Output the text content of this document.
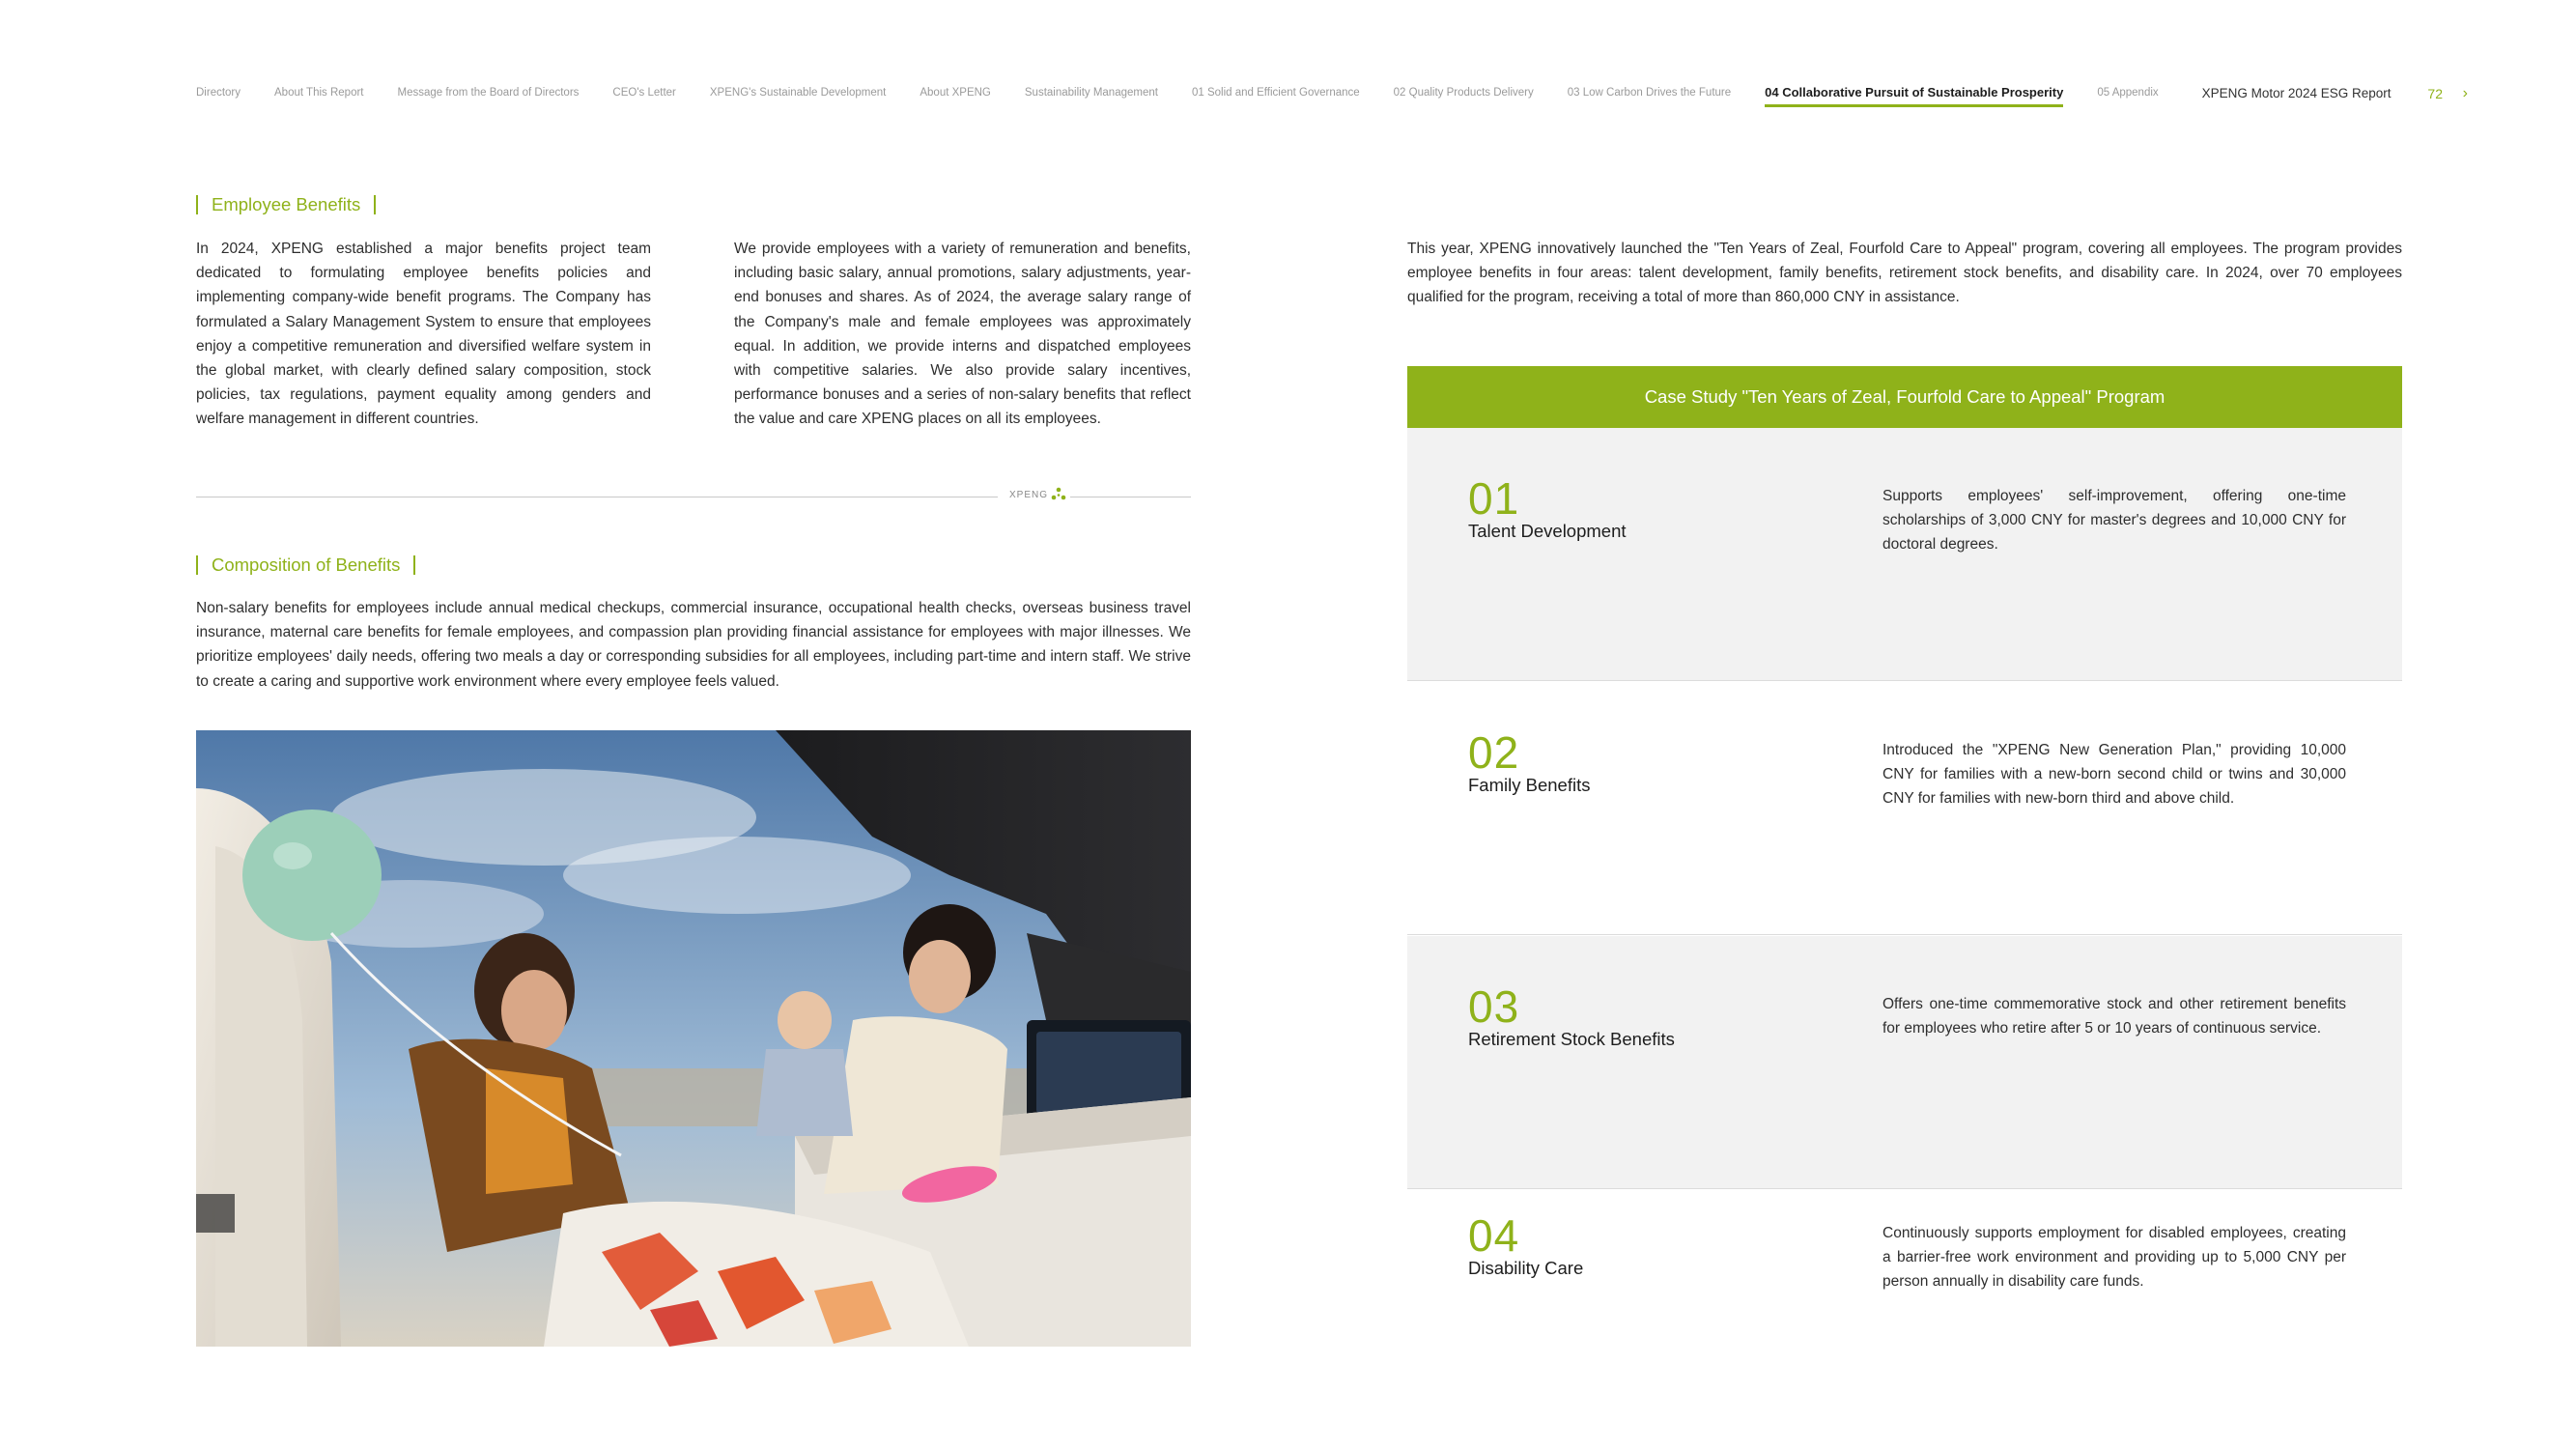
Directory	About This Report	Message from the Board of Directors	CEO's Letter	XPENG's Sustainable Development	About XPENG	Sustainability Management	01 Solid and Efficient Governance	02 Quality Products Delivery	03 Low Carbon Drives the Future	04 Collaborative Pursuit of Sustainable Prosperity	05 Appendix	XPENG Motor 2024 ESG Report	72 ›
Employee Benefits
In 2024, XPENG established a major benefits project team dedicated to formulating employee benefits policies and implementing company-wide benefit programs. The Company has formulated a Salary Management System to ensure that employees enjoy a competitive remuneration and diversified welfare system in the global market, with clearly defined salary composition, stock policies, tax regulations, payment equality among genders and welfare management in different countries.
We provide employees with a variety of remuneration and benefits, including basic salary, annual promotions, salary adjustments, year-end bonuses and shares. As of 2024, the average salary range of the Company's male and female employees was approximately equal. In addition, we provide interns and dispatched employees with competitive salaries. We also provide salary incentives, performance bonuses and a series of non-salary benefits that reflect the value and care XPENG places on all its employees.
XPENG
Composition of Benefits
Non-salary benefits for employees include annual medical checkups, commercial insurance, occupational health checks, overseas business travel insurance, maternal care benefits for female employees, and compassion plan providing financial assistance for employees with major illnesses. We prioritize employees' daily needs, offering two meals a day or corresponding subsidies for all employees, including part-time and intern staff. We strive to create a caring and supportive work environment where every employee feels valued.
This year, XPENG innovatively launched the "Ten Years of Zeal, Fourfold Care to Appeal" program, covering all employees. The program provides employee benefits in four areas: talent development, family benefits, retirement stock benefits, and disability care. In 2024, over 70 employees qualified for the program, receiving a total of more than 860,000 CNY in assistance.
Case Study "Ten Years of Zeal, Fourfold Care to Appeal" Program
01
Talent Development
Supports employees' self-improvement, offering one-time scholarships of 3,000 CNY for master's degrees and 10,000 CNY for doctoral degrees.
02
Family Benefits
Introduced the "XPENG New Generation Plan," providing 10,000 CNY for families with a new-born second child or twins and 30,000 CNY for families with new-born third and above child.
03
Retirement Stock Benefits
Offers one-time commemorative stock and other retirement benefits for employees who retire after 5 or 10 years of continuous service.
04
Disability Care
Continuously supports employment for disabled employees, creating a barrier-free work environment and providing up to 5,000 CNY per person annually in disability care funds.
